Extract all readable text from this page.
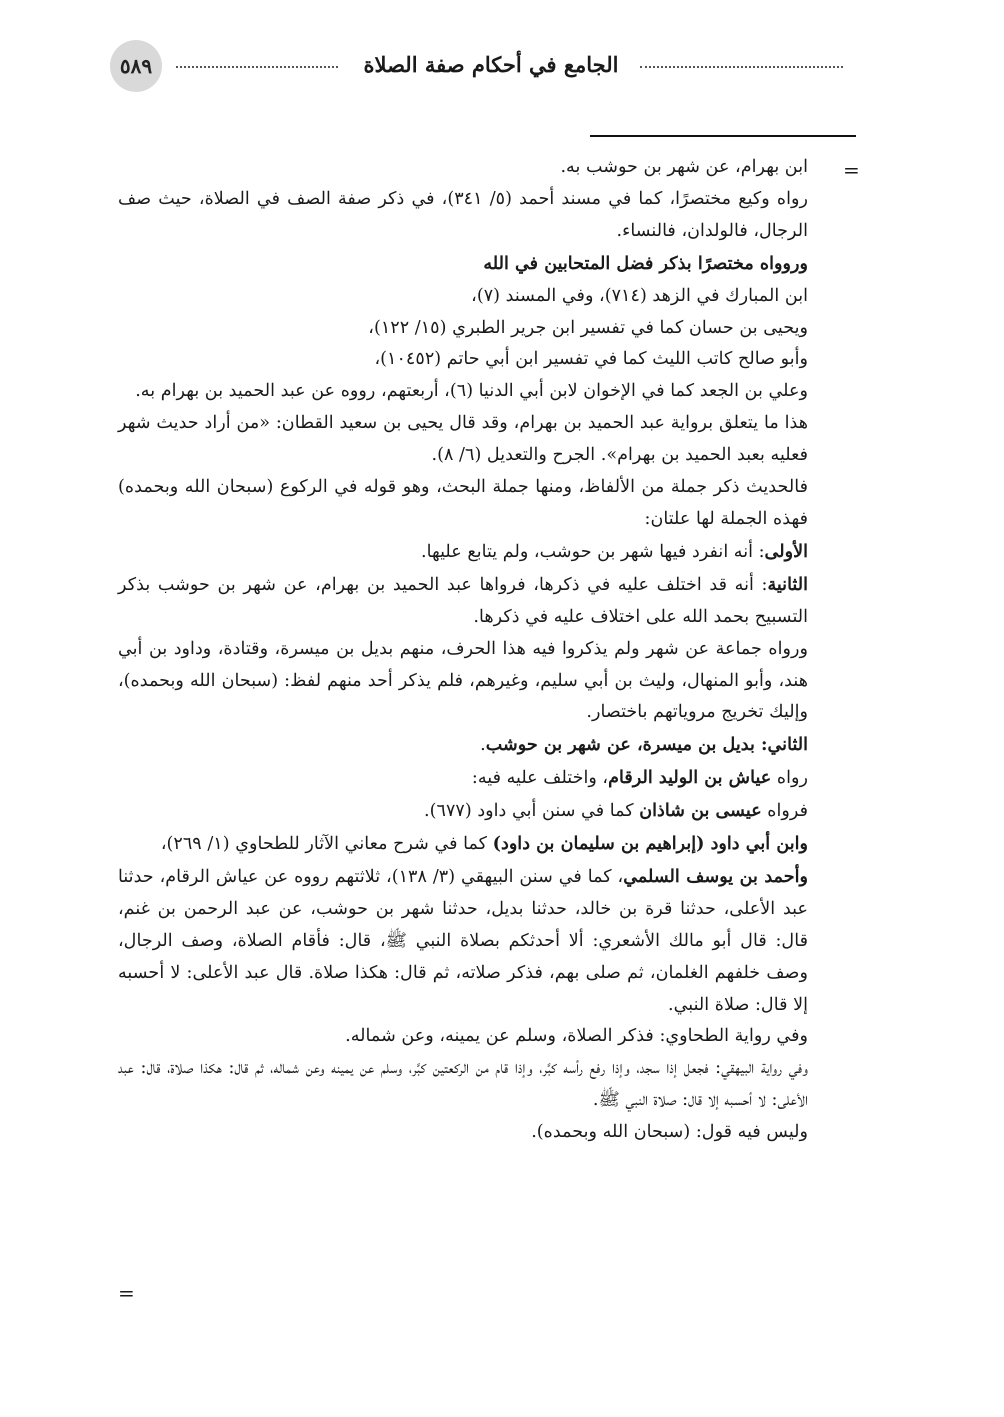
٥٨٩	الجامع في أحكام صفة الصلاة
=
=

ابن بهرام، عن شهر بن حوشب به.

رواه وكيع مختصرًا، كما في مسند أحمد (٥/ ٣٤١)، في ذكر صفة الصف في الصلاة، حيث صف الرجال، فالولدان، فالنساء.

وروواه مختصرًا بذكر فضل المتحابين في الله

ابن المبارك في الزهد (٧١٤)، وفي المسند (٧)،

ويحيى بن حسان كما في تفسير ابن جرير الطبري (١٥/ ١٢٢)،

وأبو صالح كاتب الليث كما في تفسير ابن أبي حاتم (١٠٤٥٢)،

وعلي بن الجعد كما في الإخوان لابن أبي الدنيا (٦)، أربعتهم، رووه عن عبد الحميد بن بهرام به.

هذا ما يتعلق برواية عبد الحميد بن بهرام، وقد قال يحيى بن سعيد القطان: «من أراد حديث شهر فعليه بعبد الحميد بن بهرام». الجرح والتعديل (٦/ ٨).

فالحديث ذكر جملة من الألفاظ، ومنها جملة البحث، وهو قوله في الركوع (سبحان الله وبحمده) فهذه الجملة لها علتان:

الأولى: أنه انفرد فيها شهر بن حوشب، ولم يتابع عليها.

الثانية: أنه قد اختلف عليه في ذكرها، فرواها عبد الحميد بن بهرام، عن شهر بن حوشب بذكر التسبيح بحمد الله على اختلاف عليه في ذكرها.

ورواه جماعة عن شهر ولم يذكروا فيه هذا الحرف، منهم بديل بن ميسرة، وقتادة، وداود بن أبي هند، وأبو المنهال، وليث بن أبي سليم، وغيرهم، فلم يذكر أحد منهم لفظ: (سبحان الله وبحمده)، وإليك تخريج مروياتهم باختصار.

الثاني: بديل بن ميسرة، عن شهر بن حوشب.

رواه عياش بن الوليد الرقام، واختلف عليه فيه:

فرواه عيسى بن شاذان كما في سنن أبي داود (٦٧٧).

وابن أبي داود (إبراهيم بن سليمان بن داود) كما في شرح معاني الآثار للطحاوي (١/ ٢٦٩)،

وأحمد بن يوسف السلمي، كما في سنن البيهقي (٣/ ١٣٨)، ثلاثتهم رووه عن عياش الرقام، حدثنا عبد الأعلى، حدثنا قرة بن خالد، حدثنا بديل، حدثنا شهر بن حوشب، عن عبد الرحمن بن غنم، قال: قال أبو مالك الأشعري: ألا أحدثكم بصلاة النبي ﷺ، قال: فأقام الصلاة، وصف الرجال، وصف خلفهم الغلمان، ثم صلى بهم، فذكر صلاته، ثم قال: هكذا صلاة. قال عبد الأعلى: لا أحسبه إلا قال: صلاة النبي.

وفي رواية الطحاوي: فذكر الصلاة، وسلم عن يمينه، وعن شماله.

وفي رواية البيهقي: فجعل إذا سجد، وإذا رفع رأسه كبَّر، وإذا قام من الركعتين كبَّر، وسلم عن يمينه وعن شماله، ثم قال: هكذا صلاة، قال: عبد الأعلى: لا أحسبه إلا قال: صلاة النبي ﷺ.

وليس فيه قول: (سبحان الله وبحمده).
